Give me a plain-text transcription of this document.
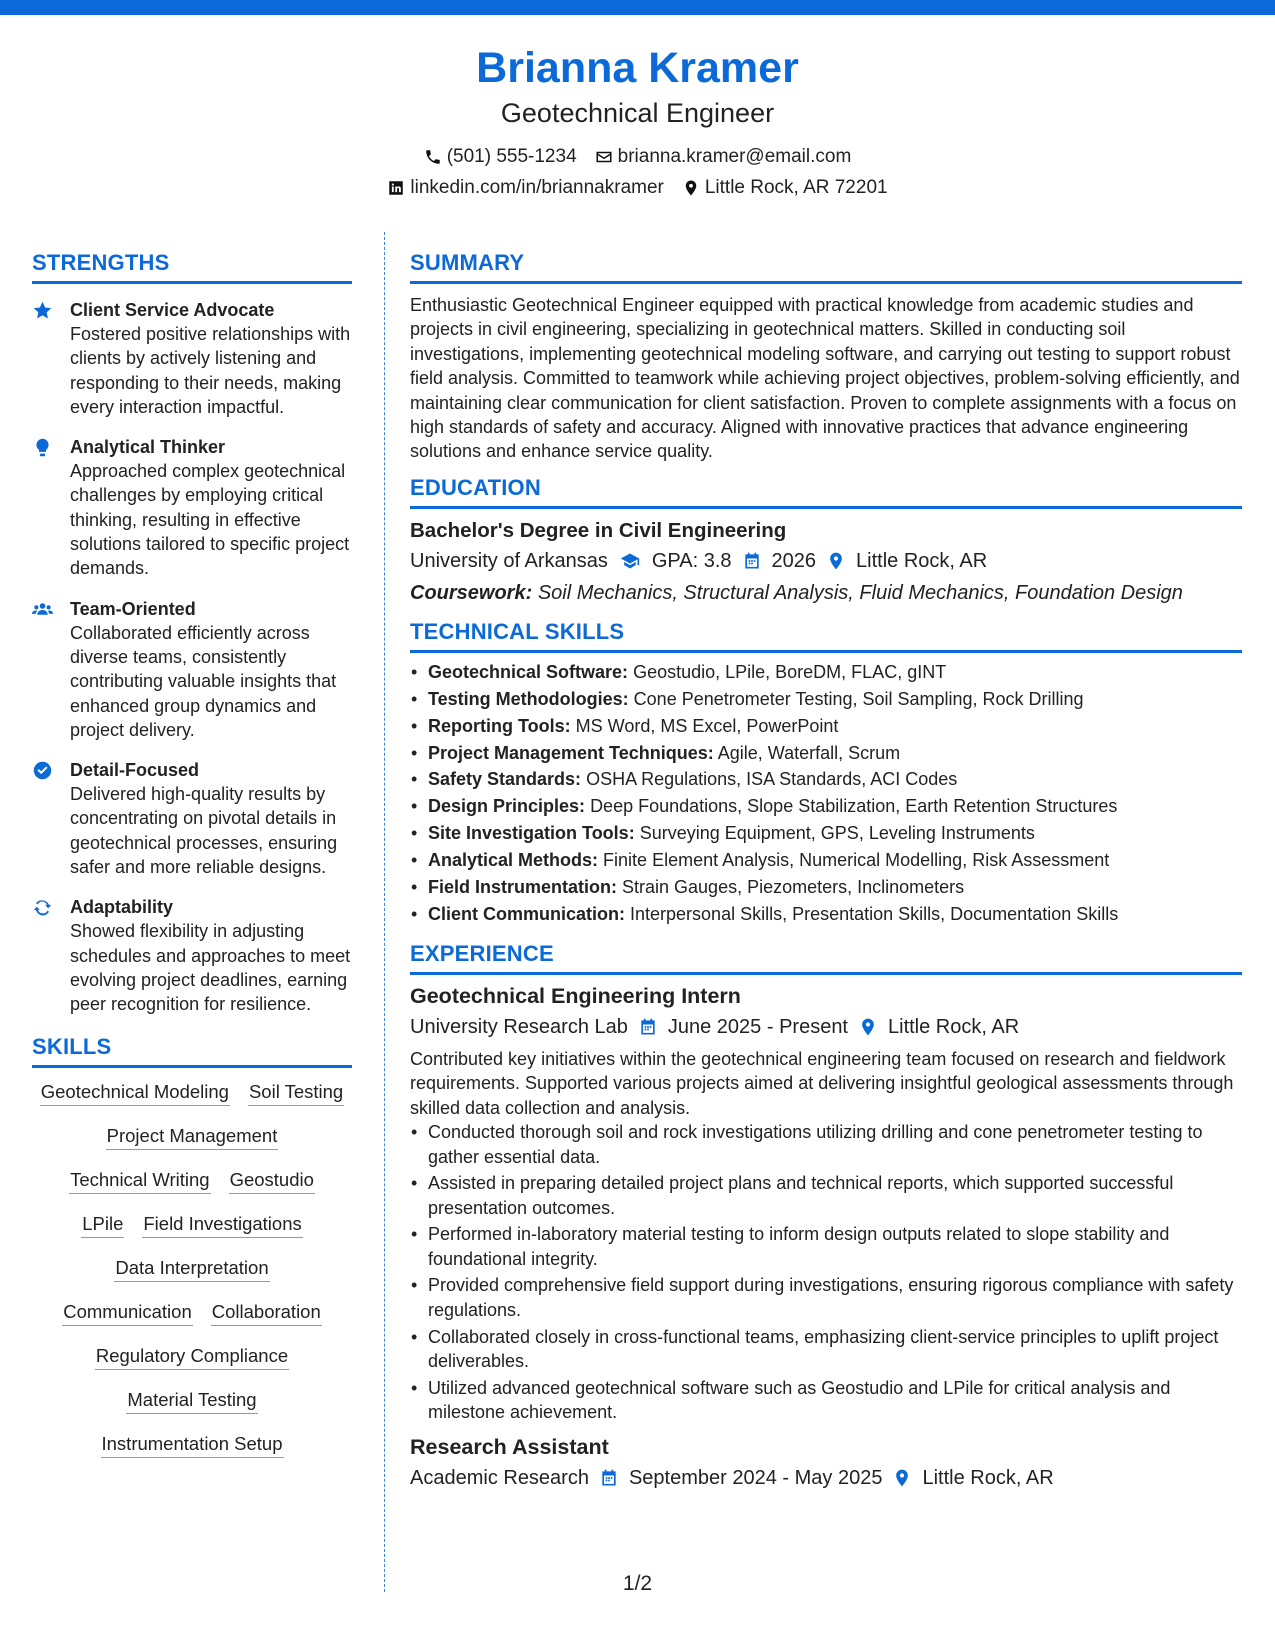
Brianna Kramer
Geotechnical Engineer
(501) 555-1234 brianna.kramer@email.com
linkedin.com/in/briannakramer Little Rock, AR 72201
STRENGTHS
Client Service Advocate
Fostered positive relationships with clients by actively listening and responding to their needs, making every interaction impactful.
Analytical Thinker
Approached complex geotechnical challenges by employing critical thinking, resulting in effective solutions tailored to specific project demands.
Team-Oriented
Collaborated efficiently across diverse teams, consistently contributing valuable insights that enhanced group dynamics and project delivery.
Detail-Focused
Delivered high-quality results by concentrating on pivotal details in geotechnical processes, ensuring safer and more reliable designs.
Adaptability
Showed flexibility in adjusting schedules and approaches to meet evolving project deadlines, earning peer recognition for resilience.
SKILLS
Geotechnical Modeling Soil Testing
Project Management
Technical Writing Geostudio
LPile Field Investigations
Data Interpretation
Communication Collaboration
Regulatory Compliance
Material Testing
Instrumentation Setup
SUMMARY

Enthusiastic Geotechnical Engineer equipped with practical knowledge from academic studies and projects in civil engineering, specializing in geotechnical matters. Skilled in conducting soil investigations, implementing geotechnical modeling software, and carrying out testing to support robust field analysis. Committed to teamwork while achieving project objectives, problem-solving efficiently, and maintaining clear communication for client satisfaction. Proven to complete assignments with a focus on high standards of safety and accuracy. Aligned with innovative practices that advance engineering solutions and enhance service quality.

EDUCATION
Bachelor's Degree in Civil Engineering
University of Arkansas GPA: 3.8 2026 Little Rock, AR
Coursework: Soil Mechanics, Structural Analysis, Fluid Mechanics, Foundation Design
TECHNICAL SKILLS
• Geotechnical Software: Geostudio, LPile, BoreDM, FLAC, gINT
• Testing Methodologies: Cone Penetrometer Testing, Soil Sampling, Rock Drilling
• Reporting Tools: MS Word, MS Excel, PowerPoint
• Project Management Techniques: Agile, Waterfall, Scrum
• Safety Standards: OSHA Regulations, ISA Standards, ACI Codes
• Design Principles: Deep Foundations, Slope Stabilization, Earth Retention Structures
• Site Investigation Tools: Surveying Equipment, GPS, Leveling Instruments
• Analytical Methods: Finite Element Analysis, Numerical Modelling, Risk Assessment
• Field Instrumentation: Strain Gauges, Piezometers, Inclinometers
• Client Communication: Interpersonal Skills, Presentation Skills, Documentation Skills
EXPERIENCE
Geotechnical Engineering Intern
University Research Lab June 2025 - Present Little Rock, AR

Contributed key initiatives within the geotechnical engineering team focused on research and fieldwork requirements. Supported various projects aimed at delivering insightful geological assessments through skilled data collection and analysis.

• Conducted thorough soil and rock investigations utilizing drilling and cone penetrometer testing to gather essential data.
• Assisted in preparing detailed project plans and technical reports, which supported successful presentation outcomes.
• Performed in-laboratory material testing to inform design outputs related to slope stability and foundational integrity.
• Provided comprehensive field support during investigations, ensuring rigorous compliance with safety regulations.
• Collaborated closely in cross-functional teams, emphasizing client-service principles to uplift project deliverables.
• Utilized advanced geotechnical software such as Geostudio and LPile for critical analysis and milestone achievement.
Research Assistant
Academic Research September 2024 - May 2025 Little Rock, AR
1/2
